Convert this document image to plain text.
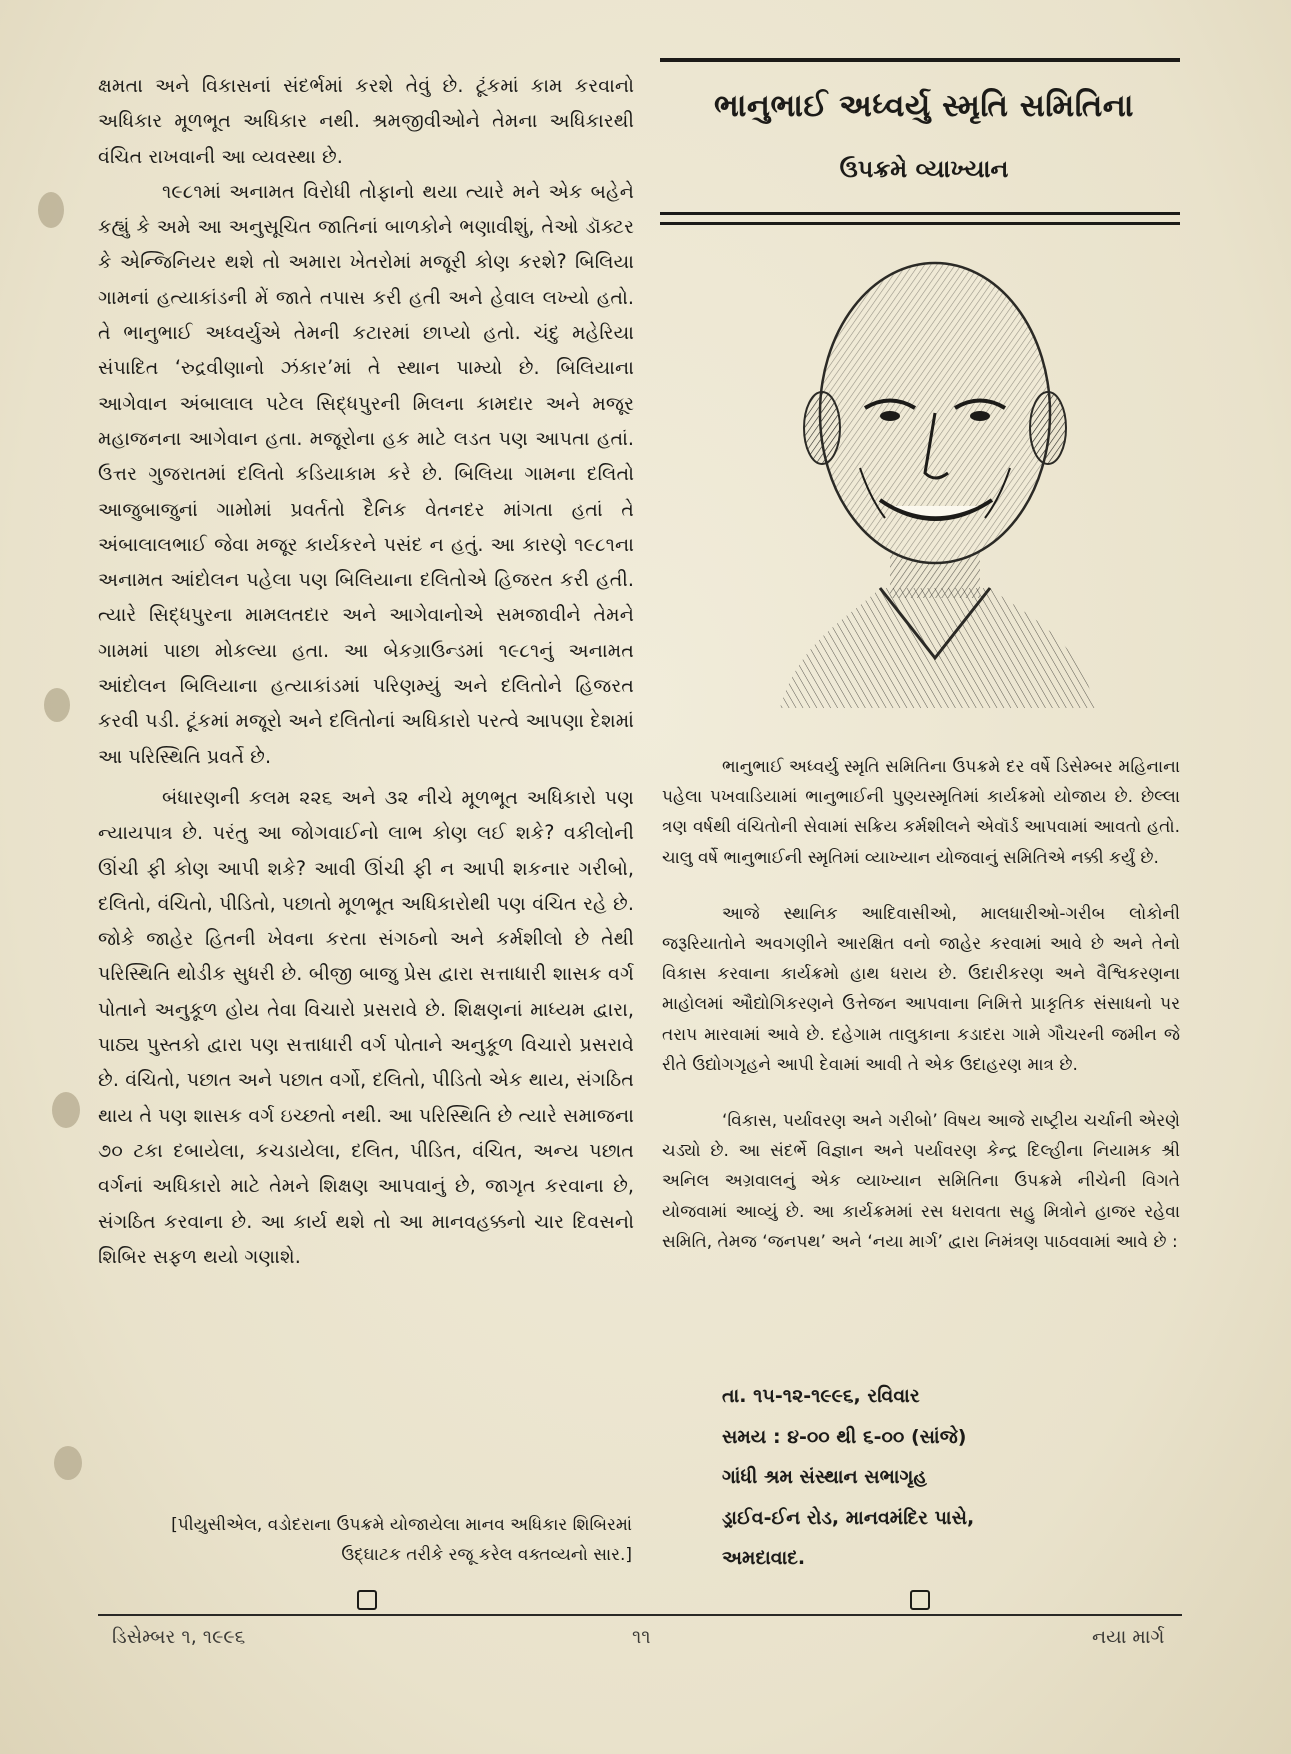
ક્ષમતા અને વિકાસનાં સંદર્ભમાં કરશે તેવું છે. ટૂંકમાં કામ કરવાનો અધિકાર મૂળભૂત અધિકાર નથી. શ્રમજીવીઓને તેમના અધિકારથી વંચિત રાખવાની આ વ્યવસ્થા છે.

૧૯૮૧માં અનામત વિરોધી તોફાનો થયા ત્યારે મને એક બહેને કહ્યું કે અમે આ અનુસૂચિત જાતિનાં બાળકોને ભણાવીશું, તેઓ ડૉક્ટર કે એન્જિનિયર થશે તો અમારા ખેતરોમાં મજૂરી કોણ કરશે? બિલિયા ગામનાં હત્યાકાંડની મેં જાતે તપાસ કરી હતી અને હેવાલ લખ્યો હતો. તે ભાનુભાઈ અધ્વર્યુએ તેમની કટારમાં છાપ્યો હતો. ચંદુ મહેરિયા સંપાદિત ‘રુદ્રવીણાનો ઝંકાર’માં તે સ્થાન પામ્યો છે. બિલિયાના આગેવાન અંબાલાલ પટેલ સિદ્ધપુરની મિલના કામદાર અને મજૂર મહાજનના આગેવાન હતા. મજૂરોના હક માટે લડત પણ આપતા હતાં. ઉત્તર ગુજરાતમાં દલિતો કડિયાકામ કરે છે. બિલિયા ગામના દલિતો આજુબાજુનાં ગામોમાં પ્રવર્તતો દૈનિક વેતનદર માંગતા હતાં તે અંબાલાલભાઈ જેવા મજૂર કાર્યકરને પસંદ ન હતું. આ કારણે ૧૯૮૧ના અનામત આંદોલન પહેલા પણ બિલિયાના દલિતોએ હિજરત કરી હતી. ત્યારે સિદ્ધપુરના મામલતદાર અને આગેવાનોએ સમજાવીને તેમને ગામમાં પાછા મોકલ્યા હતા. આ બેકગ્રાઉન્ડમાં ૧૯૮૧નું અનામત આંદોલન બિલિયાના હત્યાકાંડમાં પરિણમ્યું અને દલિતોને હિજરત કરવી પડી. ટૂંકમાં મજૂરો અને દલિતોનાં અધિકારો પરત્વે આપણા દેશમાં આ પરિસ્થિતિ પ્રવર્તે છે.

બંધારણની કલમ ૨૨૬ અને ૩૨ નીચે મૂળભૂત અધિકારો પણ ન્યાયપાત્ર છે. પરંતુ આ જોગવાઈનો લાભ કોણ લઈ શકે? વકીલોની ઊંચી ફી કોણ આપી શકે? આવી ઊંચી ફી ન આપી શકનાર ગરીબો, દલિતો, વંચિતો, પીડિતો, પછાતો મૂળભૂત અધિકારોથી પણ વંચિત રહે છે. જોકે જાહેર હિતની ખેવના કરતા સંગઠનો અને કર્મશીલો છે તેથી પરિસ્થિતિ થોડીક સુધરી છે. બીજી બાજુ પ્રેસ દ્વારા સત્તાધારી શાસક વર્ગ પોતાને અનુકૂળ હોય તેવા વિચારો પ્રસરાવે છે. શિક્ષણનાં માધ્યમ દ્વારા, પાઠ્ય પુસ્તકો દ્વારા પણ સત્તાધારી વર્ગ પોતાને અનુકૂળ વિચારો પ્રસરાવે છે. વંચિતો, પછાત અને પછાત વર્ગો, દલિતો, પીડિતો એક થાય, સંગઠિત થાય તે પણ શાસક વર્ગ ઇચ્છતો નથી. આ પરિસ્થિતિ છે ત્યારે સમાજના ૭૦ ટકા દબાયેલા, કચડાયેલા, દલિત, પીડિત, વંચિત, અન્ય પછાત વર્ગનાં અધિકારો માટે તેમને શિક્ષણ આપવાનું છે, જાગૃત કરવાના છે, સંગઠિત કરવાના છે. આ કાર્ય થશે તો આ માનવહક્કનો ચાર દિવસનો શિબિર સફળ થયો ગણાશે.

[પીયુસીએલ, વડોદરાના ઉપક્રમે યોજાયેલા માનવ અધિકાર શિબિરમાં ઉદ્‌ઘાટક તરીકે રજૂ કરેલ વક્તવ્યનો સાર.]
ભાનુભાઈ અધ્વર્યુ સ્મૃતિ સમિતિના
ઉપક્રમે વ્યાખ્યાન

ભાનુભાઈ અધ્વર્યુ સ્મૃતિ સમિતિના ઉપક્રમે દર વર્ષે ડિસેમ્બર મહિનાના પહેલા પખવાડિયામાં ભાનુભાઈની પુણ્યસ્મૃતિમાં કાર્યક્રમો યોજાય છે. છેલ્લા ત્રણ વર્ષથી વંચિતોની સેવામાં સક્રિય કર્મશીલને એવૉર્ડ આપવામાં આવતો હતો. ચાલુ વર્ષે ભાનુભાઈની સ્મૃતિમાં વ્યાખ્યાન યોજવાનું સમિતિએ નક્કી કર્યું છે.

આજે સ્થાનિક આદિવાસીઓ, માલધારીઓ-ગરીબ લોકોની જરૂરિયાતોને અવગણીને આરક્ષિત વનો જાહેર કરવામાં આવે છે અને તેનો વિકાસ કરવાના કાર્યક્રમો હાથ ધરાય છે. ઉદારીકરણ અને વૈશ્વિકરણના માહોલમાં ઔદ્યોગિકરણને ઉત્તેજન આપવાના નિમિત્તે પ્રાકૃતિક સંસાધનો પર તરાપ મારવામાં આવે છે. દહેગામ તાલુકાના કડાદરા ગામે ગૌચરની જમીન જે રીતે ઉદ્યોગગૃહને આપી દેવામાં આવી તે એક ઉદાહરણ માત્ર છે.

‘વિકાસ, પર્યાવરણ અને ગરીબો’ વિષય આજે રાષ્ટ્રીય ચર્ચાની એરણે ચડ્યો છે. આ સંદર્ભે વિજ્ઞાન અને પર્યાવરણ કેન્દ્ર દિલ્હીના નિયામક શ્રી અનિલ અગ્રવાલનું એક વ્યાખ્યાન સમિતિના ઉપક્રમે નીચેની વિગતે યોજવામાં આવ્યું છે. આ કાર્યક્રમમાં રસ ધરાવતા સહુ મિત્રોને હાજર રહેવા સમિતિ, તેમજ ‘જનપથ’ અને ‘નયા માર્ગ’ દ્વારા નિમંત્રણ પાઠવવામાં આવે છે :

તા. ૧૫-૧૨-૧૯૯૬, રવિવાર
સમય : ૪-૦૦ થી ૬-૦૦ (સાંજે)
ગાંધી શ્રમ સંસ્થાન સભાગૃહ
ડ્રાઈવ-ઈન રોડ, માનવમંદિર પાસે,
અમદાવાદ.
ડિસેમ્બર ૧, ૧૯૯૬	૧૧	નયા માર્ગ
